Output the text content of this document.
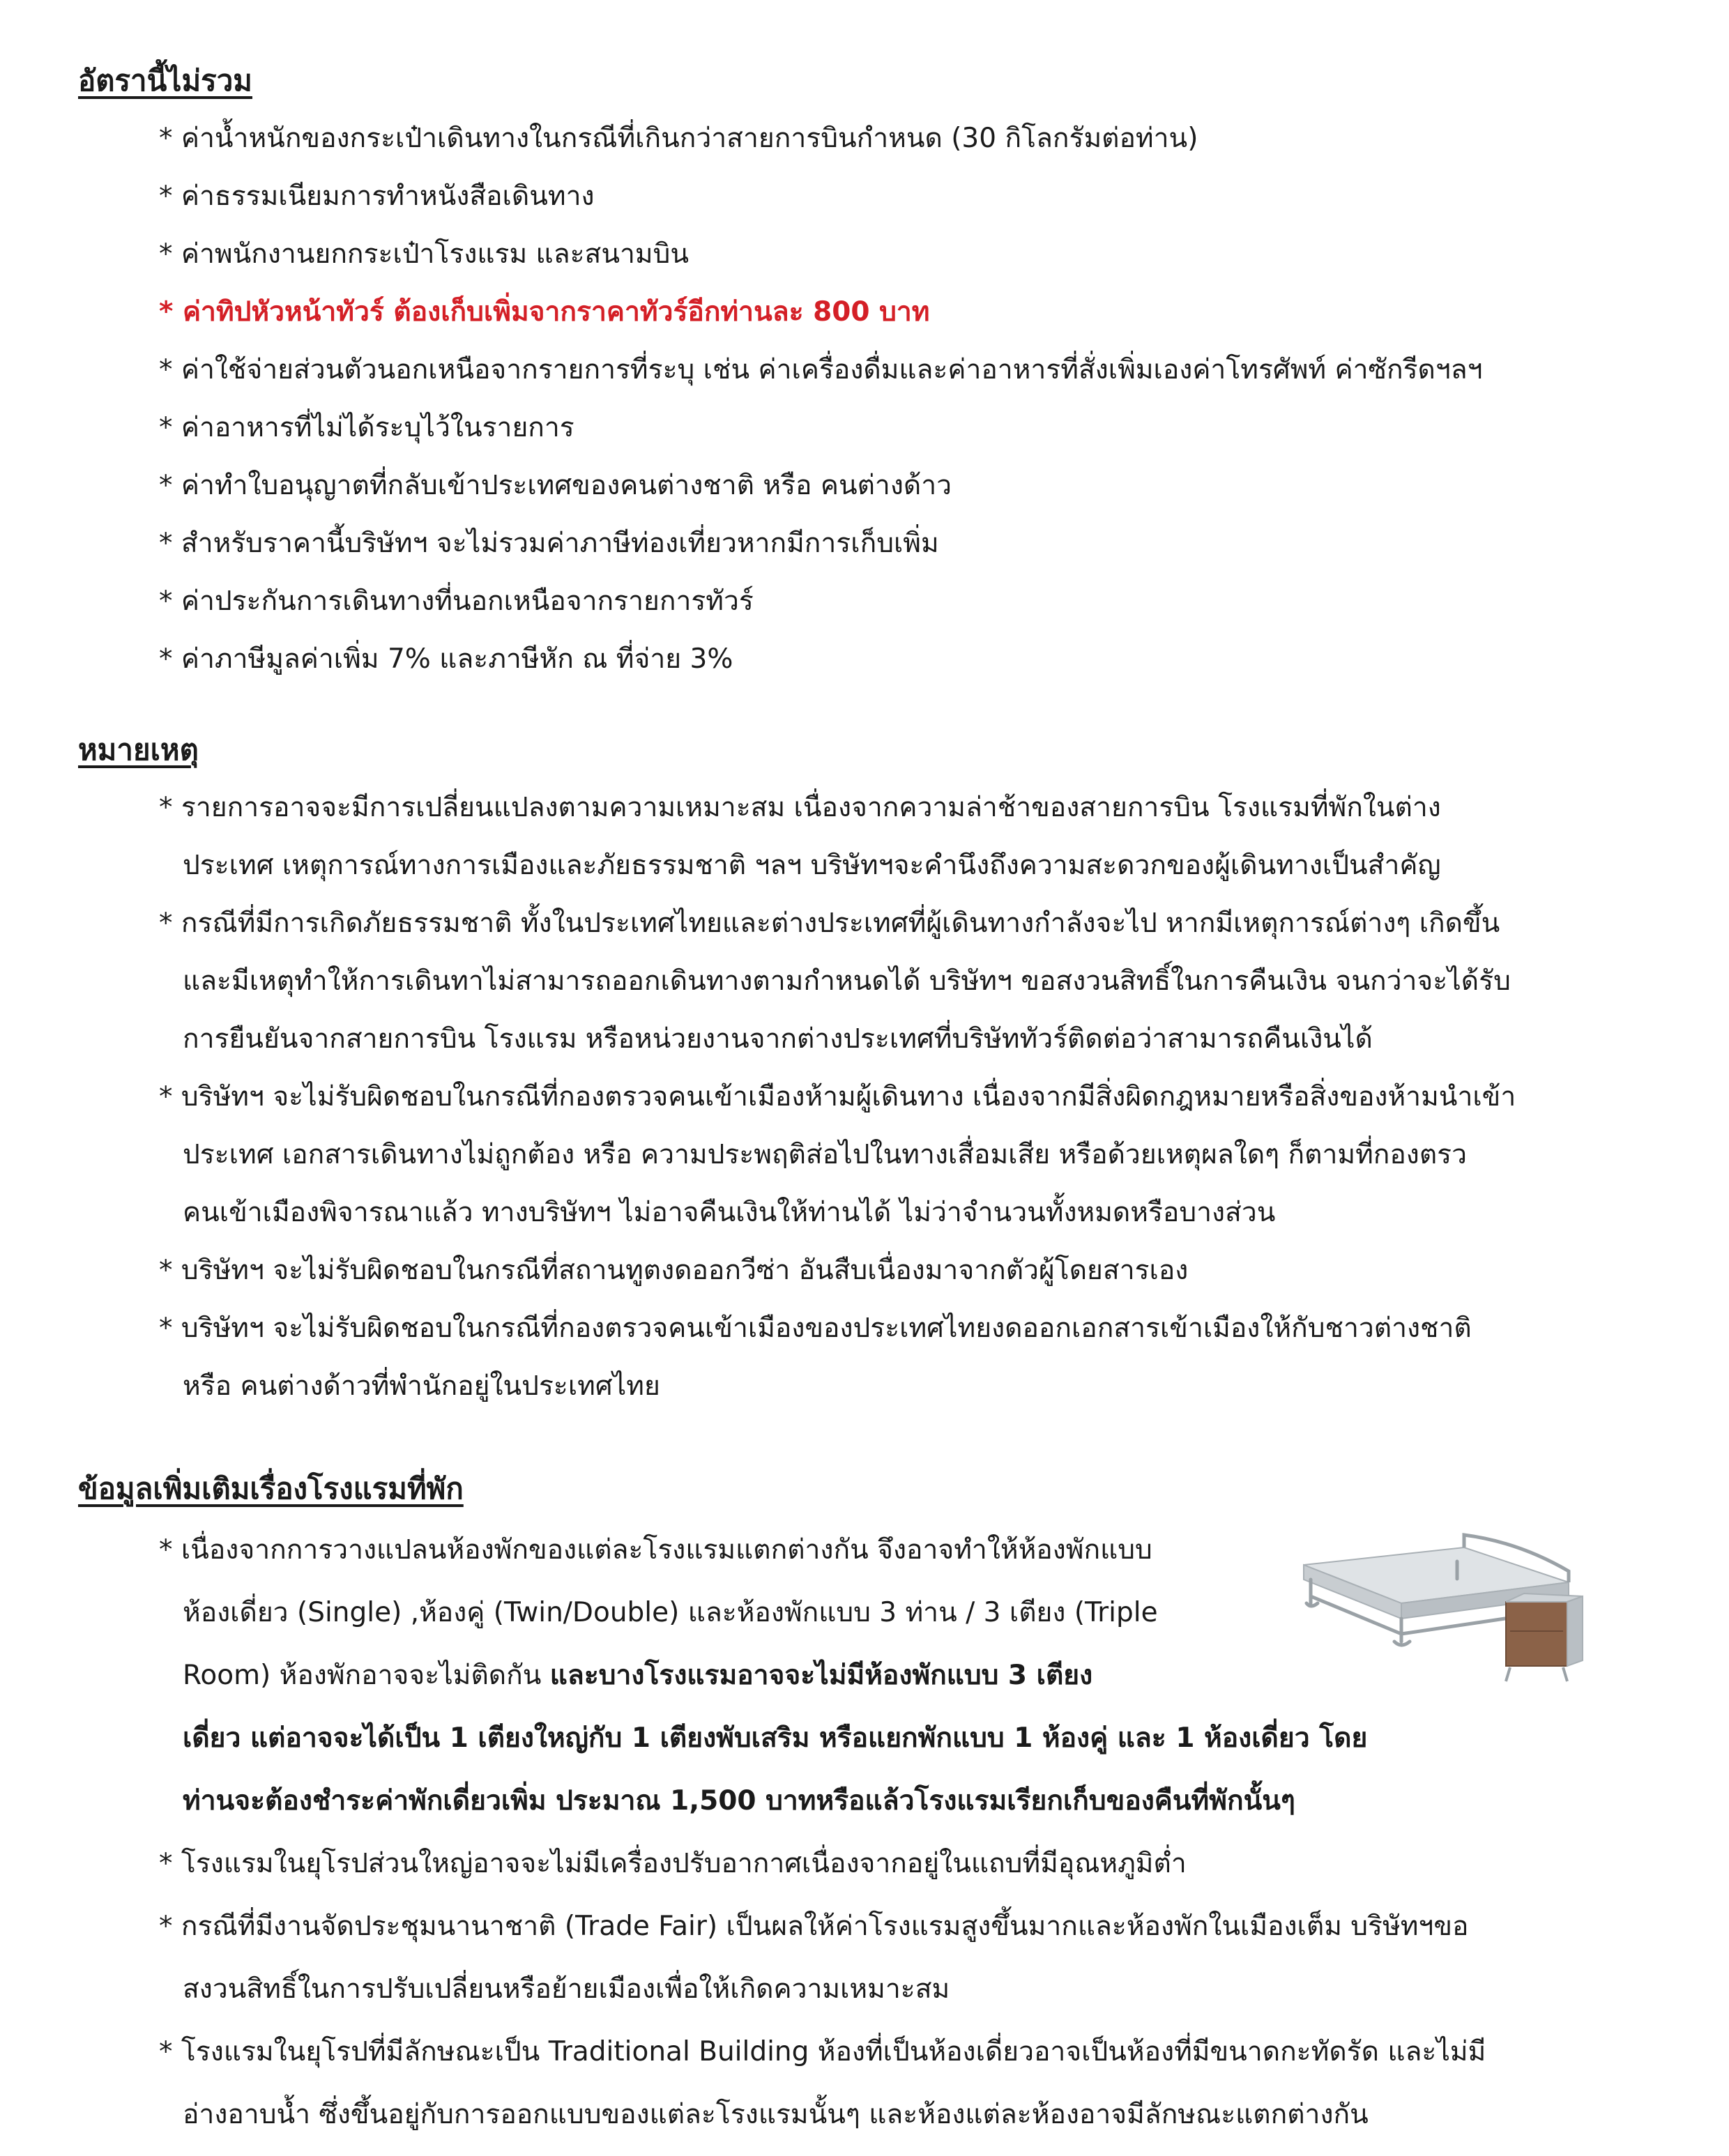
อัตรานี้ไม่รวม

* ค่าน้ำหนักของกระเป๋าเดินทางในกรณีที่เกินกว่าสายการบินกำหนด (30 กิโลกรัมต่อท่าน)

* ค่าธรรมเนียมการทำหนังสือเดินทาง

* ค่าพนักงานยกกระเป๋าโรงแรม และสนามบิน

* ค่าทิปหัวหน้าทัวร์ ต้องเก็บเพิ่มจากราคาทัวร์อีกท่านละ 800 บาท

* ค่าใช้จ่ายส่วนตัวนอกเหนือจากรายการที่ระบุ เช่น ค่าเครื่องดื่มและค่าอาหารที่สั่งเพิ่มเองค่าโทรศัพท์ ค่าซักรีดฯลฯ

* ค่าอาหารที่ไม่ได้ระบุไว้ในรายการ

* ค่าทำใบอนุญาตที่กลับเข้าประเทศของคนต่างชาติ หรือ คนต่างด้าว

* สำหรับราคานี้บริษัทฯ จะไม่รวมค่าภาษีท่องเที่ยวหากมีการเก็บเพิ่ม

* ค่าประกันการเดินทางที่นอกเหนือจากรายการทัวร์

* ค่าภาษีมูลค่าเพิ่ม 7% และภาษีหัก ณ ที่จ่าย 3%

หมายเหตุ

* รายการอาจจะมีการเปลี่ยนแปลงตามความเหมาะสม เนื่องจากความล่าช้าของสายการบิน โรงแรมที่พักในต่าง

ประเทศ เหตุการณ์ทางการเมืองและภัยธรรมชาติ ฯลฯ บริษัทฯจะคำนึงถึงความสะดวกของผู้เดินทางเป็นสำคัญ

* กรณีที่มีการเกิดภัยธรรมชาติ ทั้งในประเทศไทยและต่างประเทศที่ผู้เดินทางกำลังจะไป หากมีเหตุการณ์ต่างๆ เกิดขึ้น

และมีเหตุทำให้การเดินทาไม่สามารถออกเดินทางตามกำหนดได้ บริษัทฯ ขอสงวนสิทธิ์ในการคืนเงิน จนกว่าจะได้รับ

การยืนยันจากสายการบิน โรงแรม หรือหน่วยงานจากต่างประเทศที่บริษัททัวร์ติดต่อว่าสามารถคืนเงินได้

* บริษัทฯ จะไม่รับผิดชอบในกรณีที่กองตรวจคนเข้าเมืองห้ามผู้เดินทาง เนื่องจากมีสิ่งผิดกฎหมายหรือสิ่งของห้ามนำเข้า

ประเทศ เอกสารเดินทางไม่ถูกต้อง หรือ ความประพฤติส่อไปในทางเสื่อมเสีย หรือด้วยเหตุผลใดๆ ก็ตามที่กองตรว

คนเข้าเมืองพิจารณาแล้ว ทางบริษัทฯ ไม่อาจคืนเงินให้ท่านได้ ไม่ว่าจำนวนทั้งหมดหรือบางส่วน

* บริษัทฯ จะไม่รับผิดชอบในกรณีที่สถานทูตงดออกวีซ่า อันสืบเนื่องมาจากตัวผู้โดยสารเอง

* บริษัทฯ จะไม่รับผิดชอบในกรณีที่กองตรวจคนเข้าเมืองของประเทศไทยงดออกเอกสารเข้าเมืองให้กับชาวต่างชาติ

หรือ คนต่างด้าวที่พำนักอยู่ในประเทศไทย

ข้อมูลเพิ่มเติมเรื่องโรงแรมที่พัก

* เนื่องจากการวางแปลนห้องพักของแต่ละโรงแรมแตกต่างกัน จึงอาจทำให้ห้องพักแบบ

ห้องเดี่ยว (Single) ,ห้องคู่ (Twin/Double) และห้องพักแบบ 3 ท่าน / 3 เตียง (Triple

Room) ห้องพักอาจจะไม่ติดกัน และบางโรงแรมอาจจะไม่มีห้องพักแบบ 3 เตียง

เดี่ยว แต่อาจจะได้เป็น 1 เตียงใหญ่กับ 1 เตียงพับเสริม หรือแยกพักแบบ 1 ห้องคู่ และ 1 ห้องเดี่ยว โดย

ท่านจะต้องชำระค่าพักเดี่ยวเพิ่ม ประมาณ 1,500 บาทหรือแล้วโรงแรมเรียกเก็บของคืนที่พักนั้นๆ

* โรงแรมในยุโรปส่วนใหญ่อาจจะไม่มีเครื่องปรับอากาศเนื่องจากอยู่ในแถบที่มีอุณหภูมิต่ำ

* กรณีที่มีงานจัดประชุมนานาชาติ (Trade Fair) เป็นผลให้ค่าโรงแรมสูงขึ้นมากและห้องพักในเมืองเต็ม บริษัทฯขอ

สงวนสิทธิ์ในการปรับเปลี่ยนหรือย้ายเมืองเพื่อให้เกิดความเหมาะสม

* โรงแรมในยุโรปที่มีลักษณะเป็น Traditional Building ห้องที่เป็นห้องเดี่ยวอาจเป็นห้องที่มีขนาดกะทัดรัด และไม่มี

อ่างอาบน้ำ ซึ่งขึ้นอยู่กับการออกแบบของแต่ละโรงแรมนั้นๆ และห้องแต่ละห้องอาจมีลักษณะแตกต่างกัน
